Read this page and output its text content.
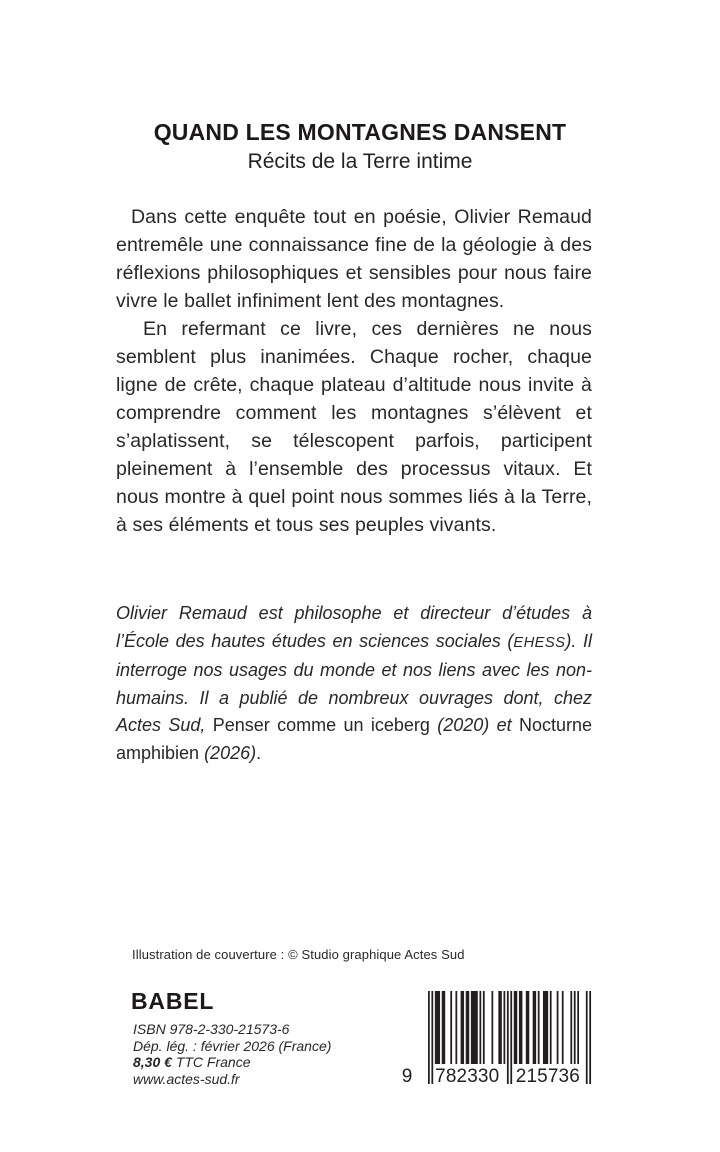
QUAND LES MONTAGNES DANSENT
Récits de la Terre intime

Dans cette enquête tout en poésie, Olivier Remaud entremêle une connaissance fine de la géologie à des réflexions philosophiques et sensibles pour nous faire vivre le ballet infiniment lent des montagnes.

En refermant ce livre, ces dernières ne nous semblent plus inanimées. Chaque rocher, chaque ligne de crête, chaque plateau d’altitude nous invite à comprendre comment les montagnes s’élèvent et s’aplatissent, se télescopent parfois, participent pleinement à l’ensemble des processus vitaux. Et nous montre à quel point nous sommes liés à la Terre, à ses éléments et tous ses peuples vivants.

Olivier Remaud est philosophe et directeur d’études à l’École des hautes études en sciences sociales (EHESS). Il interroge nos usages du monde et nos liens avec les non-humains. Il a publié de nombreux ouvrages dont, chez Actes Sud, Penser comme un iceberg (2020) et Nocturne amphibien (2026).
Illustration de couverture : © Studio graphique Actes Sud
BABEL
ISBN 978-2-330-21573-6
Dép. lég. : février 2026 (France)
8,30 € TTC France
www.actes-sud.fr	9 782330 215736
